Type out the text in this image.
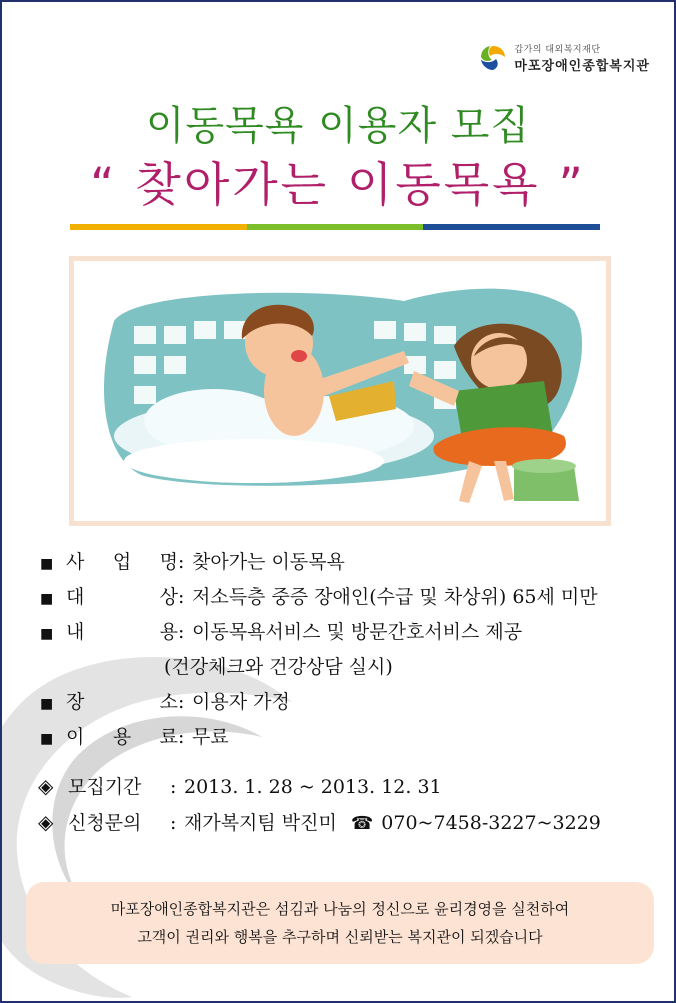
갑가의 대외복지재단
마포장애인종합복지관
이동목욕 이용자 모집
“ 찾아가는 이동목욕 ”
■ 사 업 명 : 찾아가는 이동목욕
■ 대	상 : 저소득층 중증 장애인(수급 및 차상위) 65세 미만
■ 내	용 : 이동목욕서비스 및 방문간호서비스 제공
(건강체크와 건강상담 실시)
■ 장	소 : 이용자 가정
■ 이 용 료 : 무료
◈ 모집기간	: 2013. 1. 28 ~ 2013. 12. 31
◈ 신청문의	: 재가복지팀 박진미 ☎ 070~7458-3227~3229
마포장애인종합복지관은 섬김과 나눔의 정신으로 윤리경영을 실천하여
고객이 권리와 행복을 추구하며 신뢰받는 복지관이 되겠습니다
